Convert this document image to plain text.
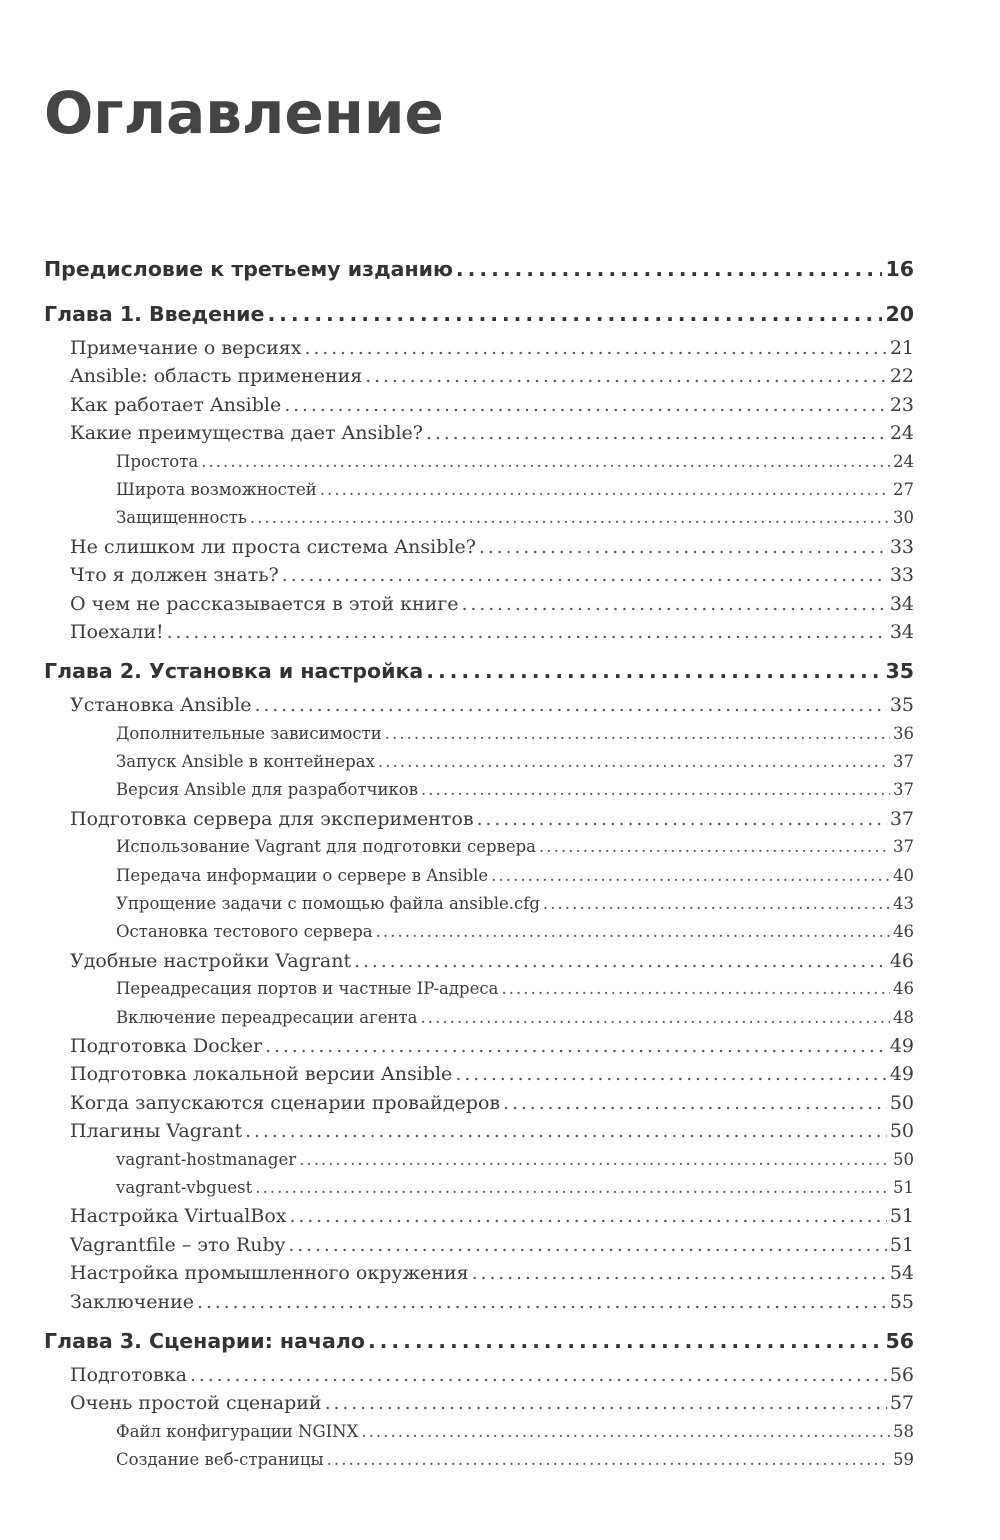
Оглавление
Предисловие к третьему изданию . . .	16
Глава 1. Введение . . .	20
Примечание о версиях . . .	21
Ansible: область применения . . .	22
Как работает Ansible . . .	23
Какие преимущества дает Ansible? . . .	24
Простота . . .	24
Широта возможностей . . .	27
Защищенность . . .	30
Не слишком ли проста система Ansible? . . .	33
Что я должен знать? . . .	33
О чем не рассказывается в этой книге . . .	34
Поехали! . . .	34
Глава 2. Установка и настройка . . .	35
Установка Ansible . . .	35
Дополнительные зависимости . . .	36
Запуск Ansible в контейнерах . . .	37
Версия Ansible для разработчиков . . .	37
Подготовка сервера для экспериментов . . .	37
Использование Vagrant для подготовки сервера . . .	37
Передача информации о сервере в Ansible . . .	40
Упрощение задачи с помощью файла ansible.cfg . . .	43
Остановка тестового сервера . . .	46
Удобные настройки Vagrant . . .	46
Переадресация портов и частные IP-адреса . . .	46
Включение переадресации агента . . .	48
Подготовка Docker . . .	49
Подготовка локальной версии Ansible . . .	49
Когда запускаются сценарии провайдеров . . .	50
Плагины Vagrant . . .	50
vagrant-hostmanager . . .	50
vagrant-vbguest . . .	51
Настройка VirtualBox . . .	51
Vagrantfile – это Ruby . . .	51
Настройка промышленного окружения . . .	54
Заключение . . .	55
Глава 3. Сценарии: начало . . .	56
Подготовка . . .	56
Очень простой сценарий . . .	57
Файл конфигурации NGINX . . .	58
Создание веб-страницы . . .	59
